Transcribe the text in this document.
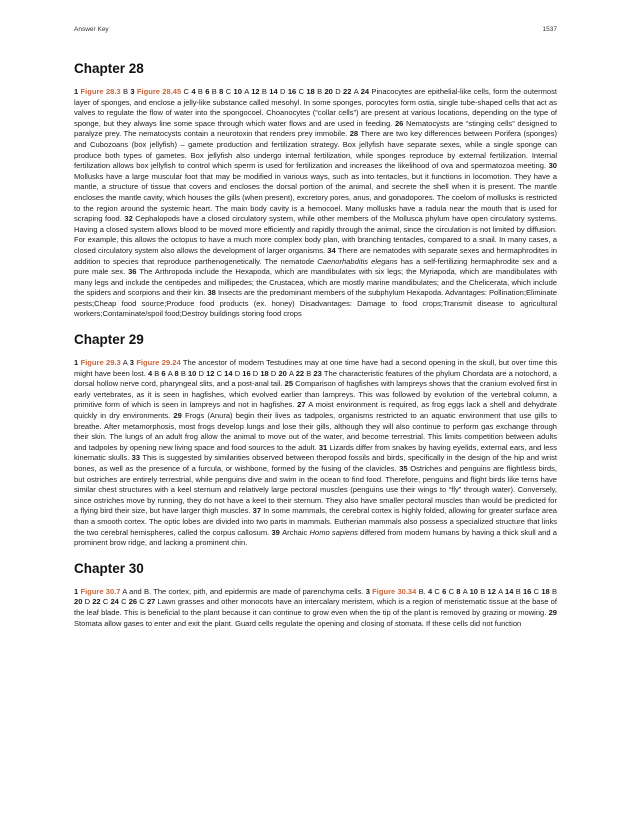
Answer Key	1537
Chapter 28

1 Figure 28.3 B 3 Figure 28.45 C 4 B 6 B 8 C 10 A 12 B 14 D 16 C 18 B 20 D 22 A 24 Pinacocytes are epithelial-like cells, form the outermost layer of sponges, and enclose a jelly-like substance called mesohyl. In some sponges, porocytes form ostia, single tube-shaped cells that act as valves to regulate the flow of water into the spongocoel. Choanocytes (“collar cells”) are present at various locations, depending on the type of sponge, but they always line some space through which water flows and are used in feeding. 26 Nematocysts are “stinging cells” designed to paralyze prey. The nematocysts contain a neurotoxin that renders prey immobile. 28 There are two key differences between Porifera (sponges) and Cubozoans (box jellyfish) – gamete production and fertilization strategy. Box jellyfish have separate sexes, while a single sponge can produce both types of gametes. Box jellyfish also undergo internal fertilization, while sponges reproduce by external fertilization. Internal fertilization allows box jellyfish to control which sperm is used for fertilization and increases the likelihood of ova and spermatozoa meeting. 30 Mollusks have a large muscular foot that may be modified in various ways, such as into tentacles, but it functions in locomotion. They have a mantle, a structure of tissue that covers and encloses the dorsal portion of the animal, and secrete the shell when it is present. The mantle encloses the mantle cavity, which houses the gills (when present), excretory pores, anus, and gonadopores. The coelom of mollusks is restricted to the region around the systemic heart. The main body cavity is a hemocoel. Many mollusks have a radula near the mouth that is used for scraping food. 32 Cephalopods have a closed circulatory system, while other members of the Mollusca phylum have open circulatory systems. Having a closed system allows blood to be moved more efficiently and rapidly through the animal, since the circulation is not limited by diffusion. For example, this allows the octopus to have a much more complex body plan, with branching tentacles, compared to a snail. In many cases, a closed circulatory system also allows the development of larger organisms. 34 There are nematodes with separate sexes and hermaphrodites in addition to species that reproduce parthenogenetically. The nematode Caenorhabditis elegans has a self-fertilizing hermaphrodite sex and a pure male sex. 36 The Arthropoda include the Hexapoda, which are mandibulates with six legs; the Myriapoda, which are mandibulates with many legs and include the centipedes and millipedes; the Crustacea, which are mostly marine mandibulates; and the Chelicerata, which include the spiders and scorpions and their kin. 38 Insects are the predominant members of the subphylum Hexapoda. Advantages: Pollination;Eliminate pests;Cheap food source;Produce food products (ex. honey) Disadvantages: Damage to food crops;Transmit disease to agricultural workers;Contaminate/spoil food;Destroy buildings storing food crops

Chapter 29

1 Figure 29.3 A 3 Figure 29.24 The ancestor of modern Testudines may at one time have had a second opening in the skull, but over time this might have been lost. 4 B 6 A 8 B 10 D 12 C 14 D 16 D 18 D 20 A 22 B 23 The characteristic features of the phylum Chordata are a notochord, a dorsal hollow nerve cord, pharyngeal slits, and a post-anal tail. 25 Comparison of hagfishes with lampreys shows that the cranium evolved first in early vertebrates, as it is seen in hagfishes, which evolved earlier than lampreys. This was followed by evolution of the vertebral column, a primitive form of which is seen in lampreys and not in hagfishes. 27 A moist environment is required, as frog eggs lack a shell and dehydrate quickly in dry environments. 29 Frogs (Anura) begin their lives as tadpoles, organisms restricted to an aquatic environment that use gills to breathe. After metamorphosis, most frogs develop lungs and lose their gills, although they will also continue to perform gas exchange through their skin. The lungs of an adult frog allow the animal to move out of the water, and become terrestrial. This limits competition between adults and tadpoles by opening new living space and food sources to the adult. 31 Lizards differ from snakes by having eyelids, external ears, and less kinematic skulls. 33 This is suggested by similarities observed between theropod fossils and birds, specifically in the design of the hip and wrist bones, as well as the presence of a furcula, or wishbone, formed by the fusing of the clavicles. 35 Ostriches and penguins are flightless birds, but ostriches are entirely terrestrial, while penguins dive and swim in the ocean to find food. Therefore, penguins and flight birds like terns have similar chest structures with a keel sternum and relatively large pectoral muscles (penguins use their wings to “fly” through water). Conversely, since ostriches move by running, they do not have a keel to their sternum. They also have smaller pectoral muscles than would be predicted for a flying bird their size, but have larger thigh muscles. 37 In some mammals, the cerebral cortex is highly folded, allowing for greater surface area than a smooth cortex. The optic lobes are divided into two parts in mammals. Eutherian mammals also possess a specialized structure that links the two cerebral hemispheres, called the corpus callosum. 39 Archaic Homo sapiens differed from modern humans by having a thick skull and a prominent brow ridge, and lacking a prominent chin.

Chapter 30

1 Figure 30.7 A and B. The cortex, pith, and epidermis are made of parenchyma cells. 3 Figure 30.34 B. 4 C 6 C 8 A 10 B 12 A 14 B 16 C 18 B 20 D 22 C 24 C 26 C 27 Lawn grasses and other monocots have an intercalary meristem, which is a region of meristematic tissue at the base of the leaf blade. This is beneficial to the plant because it can continue to grow even when the tip of the plant is removed by grazing or mowing. 29 Stomata allow gases to enter and exit the plant. Guard cells regulate the opening and closing of stomata. If these cells did not function
